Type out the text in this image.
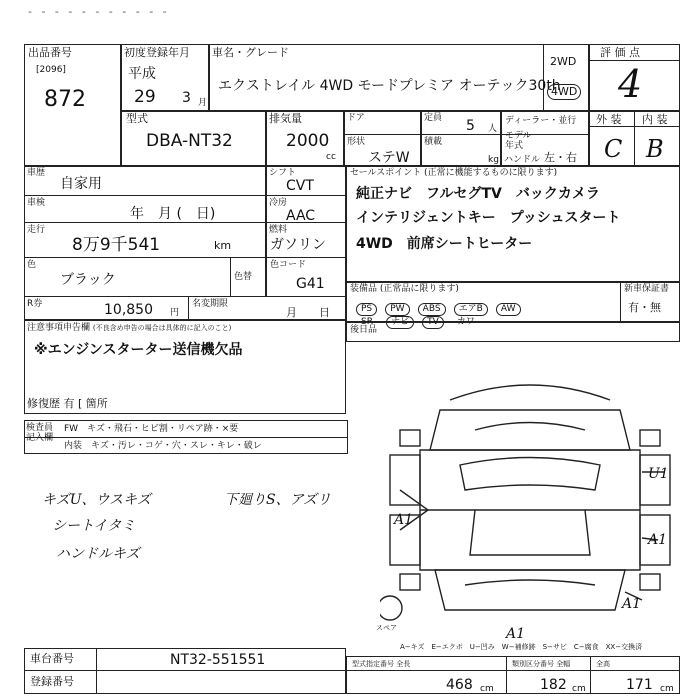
- - - - - - - - - - -
出品番号
[2096]
872
初度登録年月
平成
29 3 月
車名・グレード
エクストレイル 4WD モードプレミア オーテック30th
2WD
4WD
評 価 点
4
外 装 内 装
C B
型式
DBA-NT32
排気量
2000
cc
ドア	定員 5 人
ディーラー・並行
モデル年式
形状
ステW
積載
kg ハンドル 左・右
車歴
自家用
車検
年　月 (　日)
走行
8万9千541	km
色
ブラック	色替
シフト
CVT
冷房
AAC
燃料
ガソリン
色コード
G41
R券	10,850 円
名変期限
月　　日
セールスポイント (正常に機能するものに限ります)
純正ナビ　フルセグTV　バックカメラ
インテリジェントキー　プッシュスタート
4WD　前席シートヒーター
装備品 (正常品に限ります)
PS PW ABS エアB AW
SR ナビ TV カワ
新車保証書
有・無
後日品
注意事項申告欄 (不良含め申告の場合は具体的に記入のこと)
※エンジンスターター送信機欠品
修復歴 有 [ 箇所
検査員 記入欄
FW　キズ・飛石・ヒビ割・リペア跡・×要
内装　キズ・汚レ・コゲ・穴・スレ・キレ・破レ
キズU、ウスキズ	下廻りS、アズリ
シートイタミ
ハンドルキズ
U1
A1
A1
A1
A1
スペア
A−キズ　E−エクボ　U−凹み　W−補修跡　S−サビ　C−腐食　XX−交換済
車台番号	NT32-551551
登録番号
型式指定番号 全長
468 cm
類別区分番号 全幅
182 cm
全高
171 cm
